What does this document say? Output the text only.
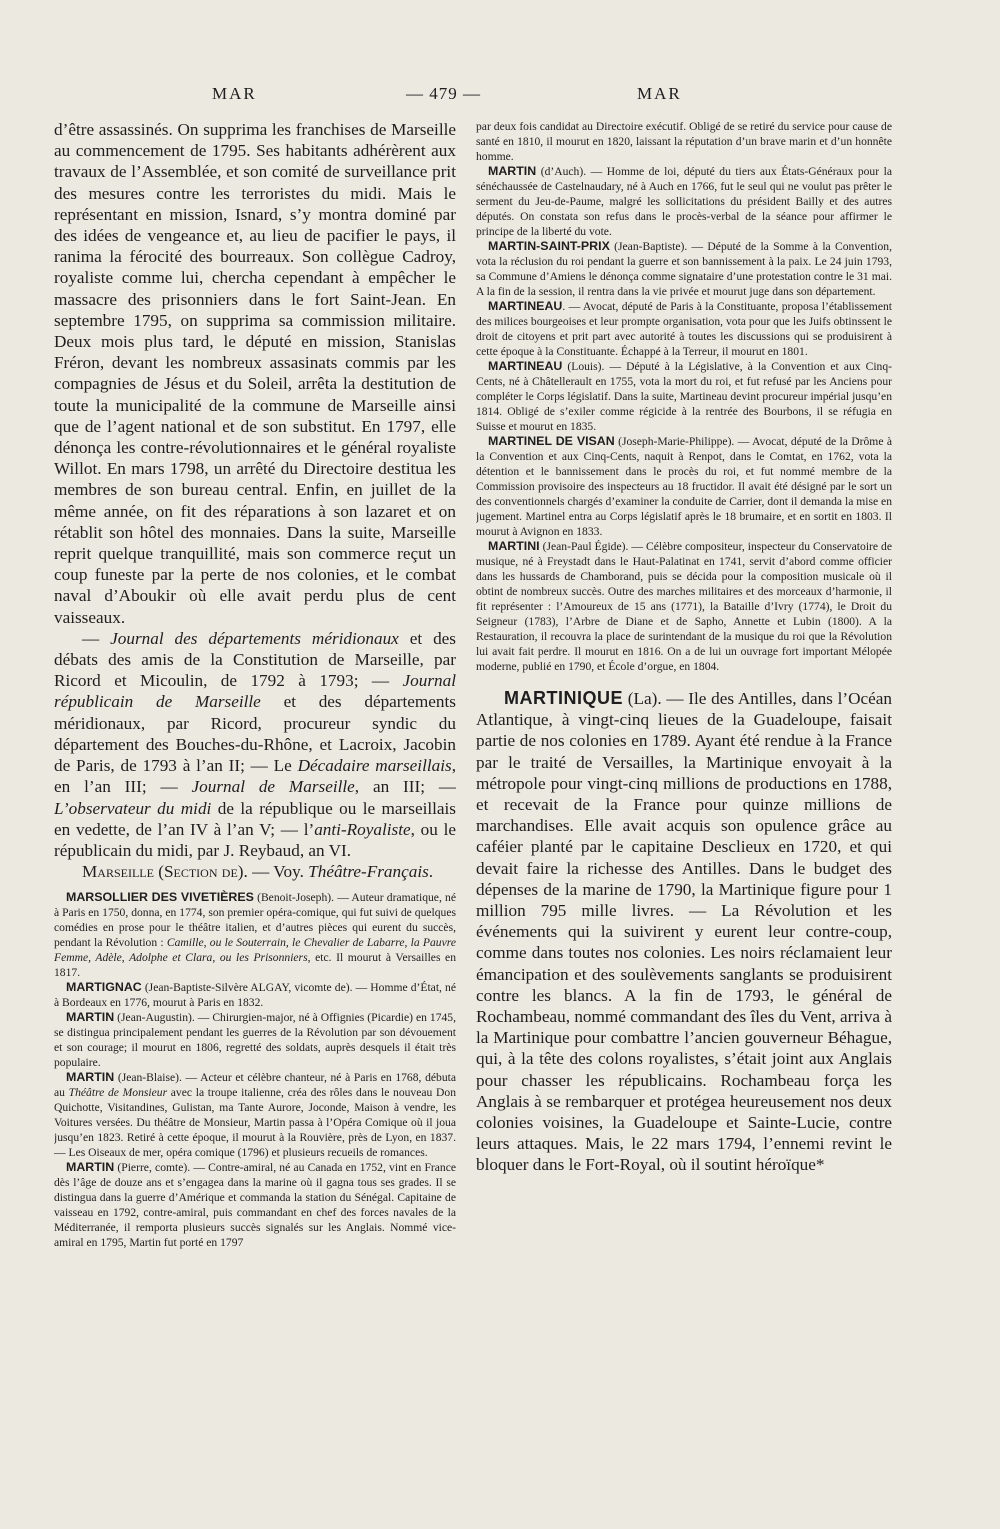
MAR	— 479 —	MAR

d’être assassinés. On supprima les franchises de Marseille au commencement de 1795. Ses habitants adhérèrent aux travaux de l’Assemblée, et son comité de surveillance prit des mesures contre les terroristes du midi. Mais le représentant en mission, Isnard, s’y montra dominé par des idées de vengeance et, au lieu de pacifier le pays, il ranima la férocité des bourreaux. Son collègue Cadroy, royaliste comme lui, chercha cependant à empêcher le massacre des prisonniers dans le fort Saint-Jean. En septembre 1795, on supprima sa commission militaire. Deux mois plus tard, le député en mission, Stanislas Fréron, devant les nombreux assasinats commis par les compagnies de Jésus et du Soleil, arrêta la destitution de toute la municipalité de la commune de Marseille ainsi que de l’agent national et de son substitut. En 1797, elle dénonça les contre-révolutionnaires et le général royaliste Willot. En mars 1798, un arrêté du Directoire destitua les membres de son bureau central. Enfin, en juillet de la même année, on fit des réparations à son lazaret et on rétablit son hôtel des monnaies. Dans la suite, Marseille reprit quelque tranquillité, mais son commerce reçut un coup funeste par la perte de nos colonies, et le combat naval d’Aboukir où elle avait perdu plus de cent vaisseaux.

— Journal des départements méridionaux et des débats des amis de la Constitution de Marseille, par Ricord et Micoulin, de 1792 à 1793; — Journal républicain de Marseille et des départements méridionaux, par Ricord, procureur syndic du département des Bouches-du-Rhône, et Lacroix, Jacobin de Paris, de 1793 à l’an II; — Le Décadaire marseillais, en l’an III; — Journal de Marseille, an III; — L’observateur du midi de la république ou le marseillais en vedette, de l’an IV à l’an V; — l’anti-Royaliste, ou le républicain du midi, par J. Reybaud, an VI.

Marseille (Section de). — Voy. Théâtre-Français.

MARSOLLIER DES VIVETIÈRES (Benoit-Joseph). — Auteur dramatique, né à Paris en 1750, donna, en 1774, son premier opéra-comique, qui fut suivi de quelques comédies en prose pour le théâtre italien, et d’autres pièces qui eurent du succès, pendant la Révolution : Camille, ou le Souterrain, le Chevalier de Labarre, la Pauvre Femme, Adèle, Adolphe et Clara, ou les Prisonniers, etc. Il mourut à Versailles en 1817.

MARTIGNAC (Jean-Baptiste-Silvère ALGAY, vicomte de). — Homme d’État, né à Bordeaux en 1776, mourut à Paris en 1832.

MARTIN (Jean-Augustin). — Chirurgien-major, né à Offignies (Picardie) en 1745, se distingua principalement pendant les guerres de la Révolution par son dévouement et son courage; il mourut en 1806, regretté des soldats, auprès desquels il était très populaire.

MARTIN (Jean-Blaise). — Acteur et célèbre chanteur, né à Paris en 1768, débuta au Théâtre de Monsieur avec la troupe italienne, créa des rôles dans le nouveau Don Quichotte, Visitandines, Gulistan, ma Tante Aurore, Joconde, Maison à vendre, les Voitures versées. Du théâtre de Monsieur, Martin passa à l’Opéra Comique où il joua jusqu’en 1823. Retiré à cette époque, il mourut à la Rouvière, près de Lyon, en 1837. — Les Oiseaux de mer, opéra comique (1796) et plusieurs recueils de romances.

MARTIN (Pierre, comte). — Contre-amiral, né au Canada en 1752, vint en France dès l’âge de douze ans et s’engagea dans la marine où il gagna tous ses grades. Il se distingua dans la guerre d’Amérique et commanda la station du Sénégal. Capitaine de vaisseau en 1792, contre-amiral, puis commandant en chef des forces navales de la Méditerranée, il remporta plusieurs succès signalés sur les Anglais. Nommé vice-amiral en 1795, Martin fut porté en 1797

par deux fois candidat au Directoire exécutif. Obligé de se retiré du service pour cause de santé en 1810, il mourut en 1820, laissant la réputation d’un brave marin et d’un honnête homme.

MARTIN (d’Auch). — Homme de loi, député du tiers aux États-Généraux pour la sénéchaussée de Castelnaudary, né à Auch en 1766, fut le seul qui ne voulut pas prêter le serment du Jeu-de-Paume, malgré les sollicitations du président Bailly et des autres députés. On constata son refus dans le procès-verbal de la séance pour affirmer le principe de la liberté du vote.

MARTIN-SAINT-PRIX (Jean-Baptiste). — Député de la Somme à la Convention, vota la réclusion du roi pendant la guerre et son bannissement à la paix. Le 24 juin 1793, sa Commune d’Amiens le dénonça comme signataire d’une protestation contre le 31 mai. A la fin de la session, il rentra dans la vie privée et mourut juge dans son département.

MARTINEAU. — Avocat, député de Paris à la Constituante, proposa l’établissement des milices bourgeoises et leur prompte organisation, vota pour que les Juifs obtinssent le droit de citoyens et prit part avec autorité à toutes les discussions qui se produisirent à cette époque à la Constituante. Échappé à la Terreur, il mourut en 1801.

MARTINEAU (Louis). — Député à la Législative, à la Convention et aux Cinq-Cents, né à Châtellerault en 1755, vota la mort du roi, et fut refusé par les Anciens pour compléter le Corps législatif. Dans la suite, Martineau devint procureur impérial jusqu’en 1814. Obligé de s’exiler comme régicide à la rentrée des Bourbons, il se réfugia en Suisse et mourut en 1835.

MARTINEL DE VISAN (Joseph-Marie-Philippe). — Avocat, député de la Drôme à la Convention et aux Cinq-Cents, naquit à Renpot, dans le Comtat, en 1762, vota la détention et le bannissement dans le procès du roi, et fut nommé membre de la Commission provisoire des inspecteurs au 18 fructidor. Il avait été désigné par le sort un des conventionnels chargés d’examiner la conduite de Carrier, dont il demanda la mise en jugement. Martinel entra au Corps législatif après le 18 brumaire, et en sortit en 1803. Il mourut à Avignon en 1833.

MARTINI (Jean-Paul Égide). — Célèbre compositeur, inspecteur du Conservatoire de musique, né à Freystadt dans le Haut-Palatinat en 1741, servit d’abord comme officier dans les hussards de Chamborand, puis se décida pour la composition musicale où il obtint de nombreux succès. Outre des marches militaires et des morceaux d’harmonie, il fit représenter : l’Amoureux de 15 ans (1771), la Bataille d’Ivry (1774), le Droit du Seigneur (1783), l’Arbre de Diane et de Sapho, Annette et Lubin (1800). A la Restauration, il recouvra la place de surintendant de la musique du roi que la Révolution lui avait fait perdre. Il mourut en 1816. On a de lui un ouvrage fort important Mélopée moderne, publié en 1790, et École d’orgue, en 1804.

MARTINIQUE (La). — Ile des Antilles, dans l’Océan Atlantique, à vingt-cinq lieues de la Guadeloupe, faisait partie de nos colonies en 1789. Ayant été rendue à la France par le traité de Versailles, la Martinique envoyait à la métropole pour vingt-cinq millions de productions en 1788, et recevait de la France pour quinze millions de marchandises. Elle avait acquis son opulence grâce au caféier planté par le capitaine Desclieux en 1720, et qui devait faire la richesse des Antilles. Dans le budget des dépenses de la marine de 1790, la Martinique figure pour 1 million 795 mille livres. — La Révolution et les événements qui la suivirent y eurent leur contre-coup, comme dans toutes nos colonies. Les noirs réclamaient leur émancipation et des soulèvements sanglants se produisirent contre les blancs. A la fin de 1793, le général de Rochambeau, nommé commandant des îles du Vent, arriva à la Martinique pour combattre l’ancien gouverneur Béhague, qui, à la tête des colons royalistes, s’était joint aux Anglais pour chasser les républicains. Rochambeau força les Anglais à se rembarquer et protégea heureusement nos deux colonies voisines, la Guadeloupe et Sainte-Lucie, contre leurs attaques. Mais, le 22 mars 1794, l’ennemi revint le bloquer dans le Fort-Royal, où il soutint héroïque*
